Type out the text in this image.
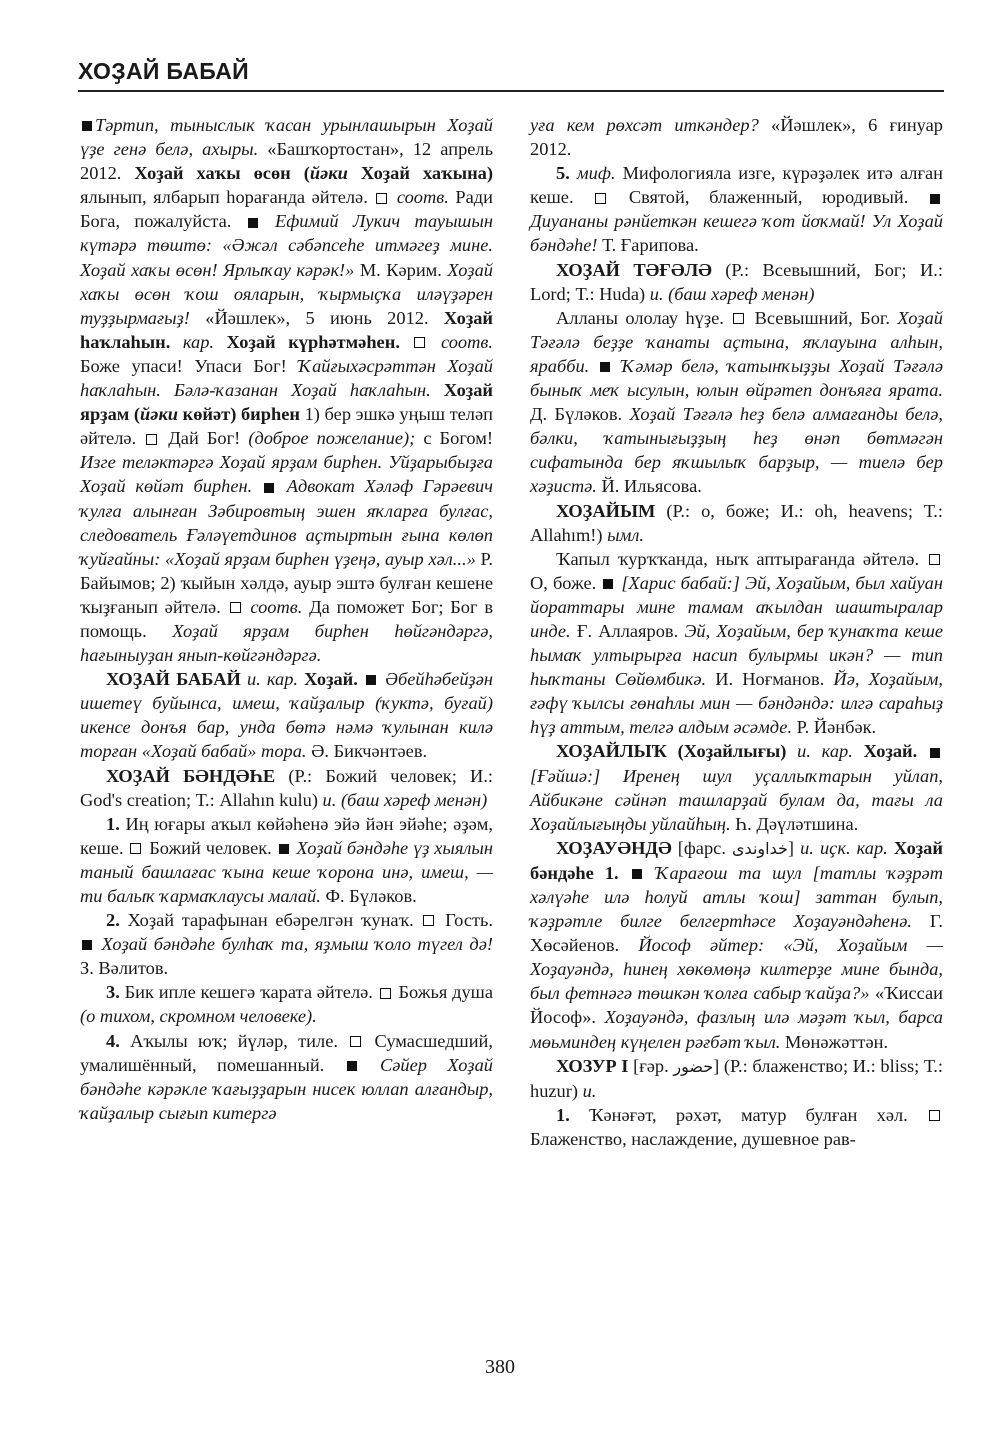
ХОҘАЙ БАБАЙ

Тәртип, тыныслык ҡасан урынлашырын Хоҙай үҙе генә белә, ахыры. «Башҡортостан», 12 апрель 2012. Хоҙай хаҡы өсөн (йәки Хоҙай хаҡына) ялынып, ялбарып һорағанда әйтелә.  соотв. Ради Бога, пожалуйста.  Ефимий Лукич тауышын күтәрә төштө: «Әжәл сәбәпсеһе итмәгеҙ мине. Хоҙай хаҡы өсөн! Ярлыҡау кәрәк!» М. Кәрим. Хоҙай хаҡы өсөн ҡош ояларын, ҡырмыҫҡа иләүҙәрен туҙҙырмағыҙ! «Йәшлек», 5 июнь 2012. Хоҙай һаҡлаһын. кар. Хоҙай күрһәтмәһен.  соотв. Боже упаси! Упаси Бог! Ҡайғыхәсрәттән Хоҙай һаҡлаһын. Бәлә-ҡазанан Хоҙай һаҡлаһын. Хоҙай ярҙам (йәки көйәт) бирһен 1) бер эшкә уңыш теләп әйтелә.  Дай Бог! (доброе пожелание); с Богом! Изге теләктәргә Хоҙай ярҙам бирһен. Уйҙарыбыҙға Хоҙай көйәт бирһен.  Адвокат Хәләф Гәрәевич ҡулға алынған Зәбировтың эшен яҡларға булғас, следователь Ғәләүетдинов аҫтыртын ғына көлөп ҡуйғайны: «Хоҙай ярҙам бирһен үҙеңә, ауыр хәл...» Р. Байымов; 2) ҡыйын хәлдә, ауыр эштә булған кешене ҡыҙғанып әйтелә.  соотв. Да поможет Бог; Бог в помощь. Хоҙай ярҙам бирһен һөйгәндәргә, һағыныуҙан янып-көйгәндәргә.

ХОҘАЙ БАБАЙ и. кар. Хоҙай.  Әбейһәбейҙән ишетеү буйынса, имеш, ҡайҙалыр (ҡуктә, буғай) икенсе донъя бар, унда бөтә нәмә ҡулынан килә торған «Хоҙай бабай» тора. Ә. Бикчәнтәев.

ХОҘАЙ БӘНДӘҺЕ (Р.: Божий человек; И.: God's creation; Т.: Allahın kulu) и. (баш хәреф менән)

1. Иң юғары аҡыл көйәһенә эйә йән эйәһе; әҙәм, кеше.  Божий человек.  Хоҙай бәндәһе үҙ хыялын таный башлағас ҡына кеше ҡорона инә, имеш, — ти балыҡ ҡармаҡлаусы малай. Ф. Бүләков.

2. Хоҙай тарафынан ебәрелгән ҡунаҡ.  Гость.  Хоҙай бәндәһе булһаҡ та, яҙмыш ҡоло түгел дә! З. Вәлитов.

3. Бик ипле кешегә ҡарата әйтелә.  Божья душа (о тихом, скромном человеке).

4. Аҡылы юҡ; йүләр, тиле.  Сумасшедший, умалишённый, помешанный.  Сәйер Хоҙай бәндәһе кәрәкле ҡағыҙҙарын нисек юллап алғандыр, ҡайҙалыр сығып китергә

уға кем рөхсәт иткәндер? «Йәшлек», 6 ғинуар 2012.

5. миф. Мифологияла изге, күрәҙәлек итә алған кеше.  Святой, блаженный, юродивый.  Диуананы рәнйеткән кешегә ҡот йоҡмай! Ул Хоҙай бәндәһе! Т. Ғарипова.

ХОҘАЙ ТӘҒӘЛӘ (Р.: Всевышний, Бог; И.: Lord; Т.: Huda) и. (баш хәреф менән)

Алланы ололау һүҙе.  Всевышний, Бог. Хоҙай Тәғәлә беҙҙе ҡанаты аҫтына, яҡлауына алһын, ярабби.  Ҡәмәр белә, ҡатынҡыҙҙы Хоҙай Тәғәлә быныҡ меҡ ысулын, юлын өйрәтеп донъяға ярата. Д. Бүләков. Хоҙай Тәғәлә һеҙ белә алмағанды белә, бәлки, ҡатынығыҙҙың һеҙ өнәп бөтмәгән сифатында бер яҡшылыҡ барҙыр, — тиелә бер хәҙистә. Й. Ильясова.

ХОҘАЙЫМ (Р.: о, боже; И.: oh, heavens; Т.: Allahım!) ымл.

Ҡапыл ҡурҡҡанда, ныҡ аптырағанда әйтелә.  О, боже.  [Харис бабай:] Эй, Хоҙайым, был хайуан йораттары мине тамам аҡылдан шаштыралар инде. Ғ. Аллаяров. Эй, Хоҙайым, бер ҡунаҡта кеше һымаҡ ултырырға насип булырмы икән? — тип һыҡтаны Сөйөмбикә. И. Ноғманов. Йә, Хоҙайым, ғәфү ҡылсы гөнаһлы мин — бәндәндә: илгә сараһыҙ һүҙ аттым, телгә алдым әсәмде. Р. Йәнбәк.

ХОҘАЙЛЫҠ (Хоҙайлығы) и. кар. Хоҙай.  [Ғәйшә:] Иренең шул уҫаллыҡтарын уйлап, Айбикәне сәйнәп ташларҙай булам да, тағы ла Хоҙайлығыңды уйлайһың. Һ. Дәүләтшина.

ХОҘАУӘНДӘ [фарс. خداوندی] и. иҫк. кар. Хоҙай бәндәһе 1.  Ҡарағош та шул [татлы ҡәҙрәт хәлүәһе илә һолуй атлы ҡош] заттан булып, ҡәҙрәтле билге белгертһәсе Хоҙауәндәһенә. Г. Хөсәйенов. Йософ әйтер: «Эй, Хоҙайым — Хоҙауәндә, һинең хөкөмөңә килтерҙе мине бында, был фетнәгә төшкән ҡолға сабыр ҡайҙа?» «Ҡиссаи Йософ». Хоҙауәндә, фазлың илә мәҙәт ҡыл, барса мөьминдең күңелен рәғбәт ҡыл. Мөнәжәттән.

ХОЗУР I [ғәр. حضور] (Р.: блаженство; И.: bliss; Т.: huzur) и.

1. Ҡәнәғәт, рәхәт, матур булған хәл.  Блаженство, наслаждение, душевное рав-

380
